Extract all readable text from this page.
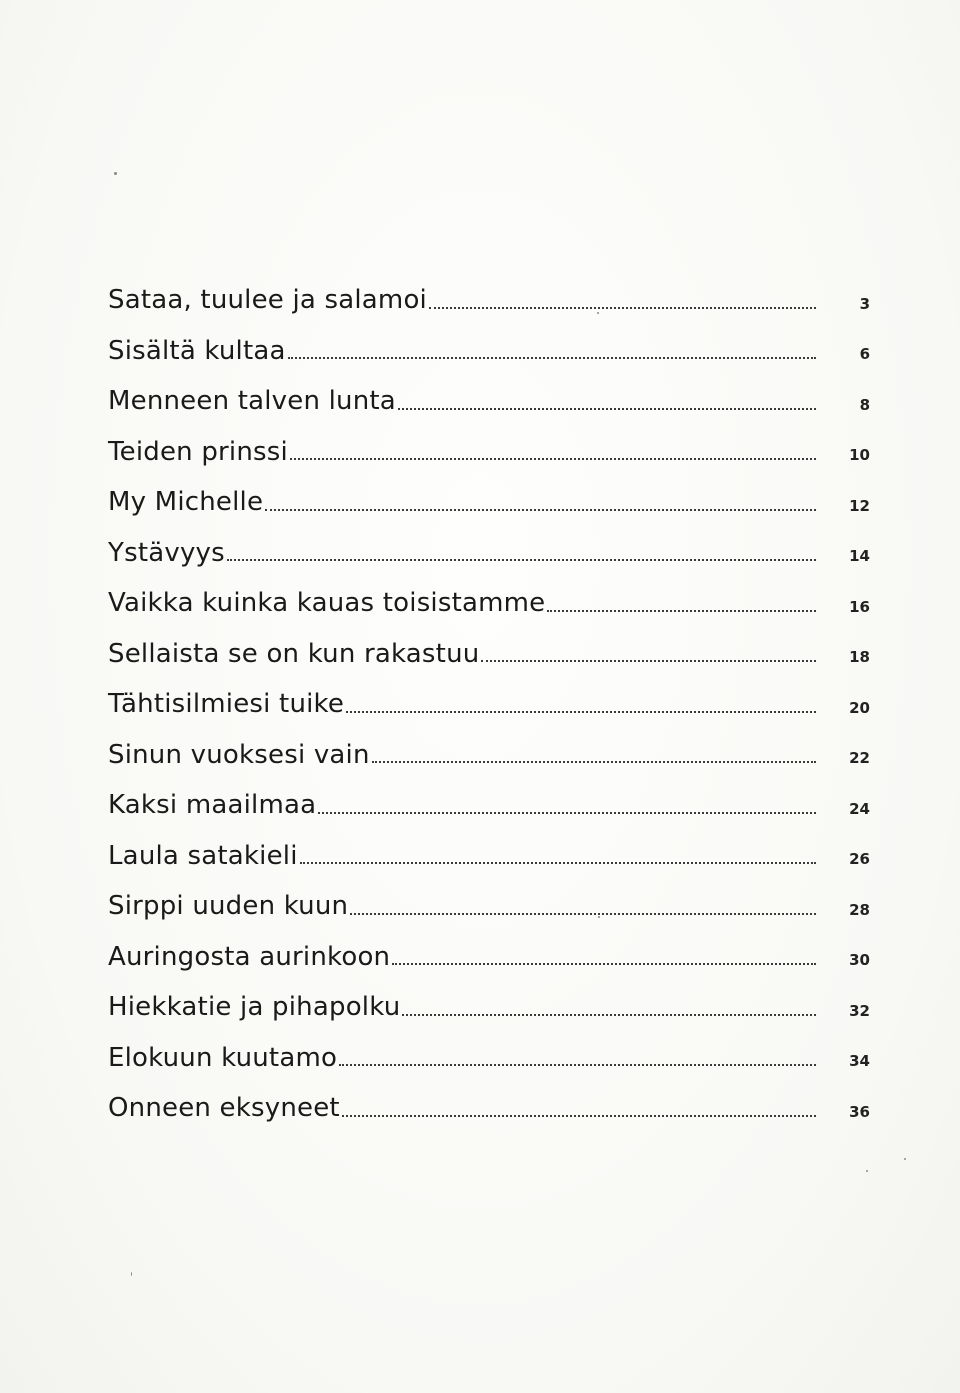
Sataa, tuulee ja salamoi	3
Sisältä kultaa	6
Menneen talven lunta	8
Teiden prinssi	10
My Michelle	12
Ystävyys	14
Vaikka kuinka kauas toisistamme	16
Sellaista se on kun rakastuu	18
Tähtisilmiesi tuike	20
Sinun vuoksesi vain	22
Kaksi maailmaa	24
Laula satakieli	26
Sirppi uuden kuun	28
Auringosta aurinkoon	30
Hiekkatie ja pihapolku	32
Elokuun kuutamo	34
Onneen eksyneet	36
